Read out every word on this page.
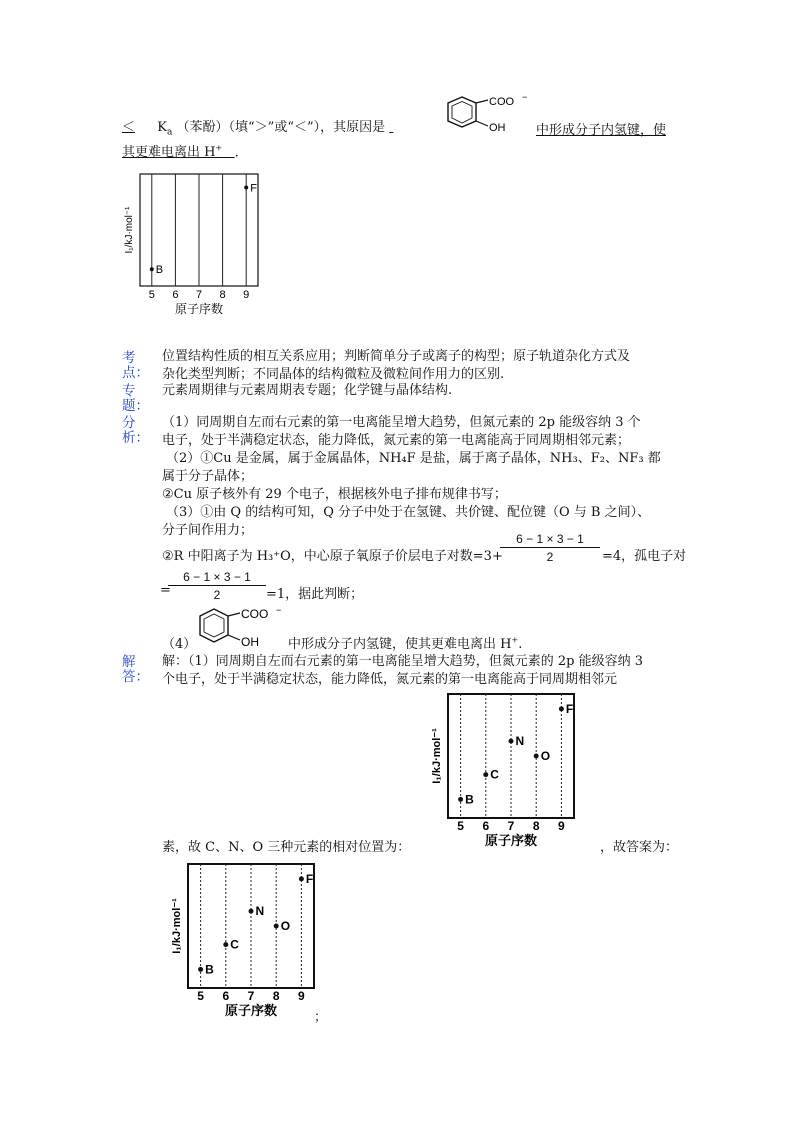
＜ $K_a$ （苯酚）（填“＞”或“＜”），其原因是
COO −
OH 中形成分子内氢键，使
其更难电离出 H+ .
5 6 7 8 9
原子序数
I₁/kJ·mol⁻¹
B
F
考
点：
位置结构性质的相互关系应用；判断简单分子或离子的构型；原子轨道杂化方式及
杂化类型判断；不同晶体的结构微粒及微粒间作用力的区别.
专
题：
元素周期律与元素周期表专题；化学键与晶体结构.
分
析：
（1）同周期自左而右元素的第一电离能呈增大趋势，但氮元素的 2p 能级容纳 3 个
电子，处于半满稳定状态，能力降低，氮元素的第一电离能高于同周期相邻元素；
（2）①Cu 是金属，属于金属晶体，NH₄F 是盐，属于离子晶体，NH₃、F₂、NF₃ 都
属于分子晶体；
②Cu 原子核外有 29 个电子，根据核外电子排布规律书写；
（3）①由 Q 的结构可知，Q 分子中处于在氢键、共价键、配位键（O 与 B 之间）、
分子间作用力；
②R 中阳离子为 H₃⁺O，中心原子氧原子价层电子对数=3+
$\frac{6 - 1 \times 3 - 1}{2} =4$，孤电子对
=
$\frac{6 - 1 \times 3 - 1}{2} =1$，据此判断；
（4）
COO −
OH 中形成分子内氢键，使其更难电离出 H+.
解
答：
解：（1）同周期自左而右元素的第一电离能呈增大趋势，但氮元素的 2p 能级容纳 3
个电子，处于半满稳定状态，能力降低，氮元素的第一电离能高于同周期相邻元
5 6 7 8 9
原子序数
I₁/kJ·mol⁻¹
B
C
N
O
F
素，故 C、N、O 三种元素的相对位置为：	，故答案为：
5 6 7 8 9
原子序数
I₁/kJ·mol⁻¹
B
C
N
O
F
；
